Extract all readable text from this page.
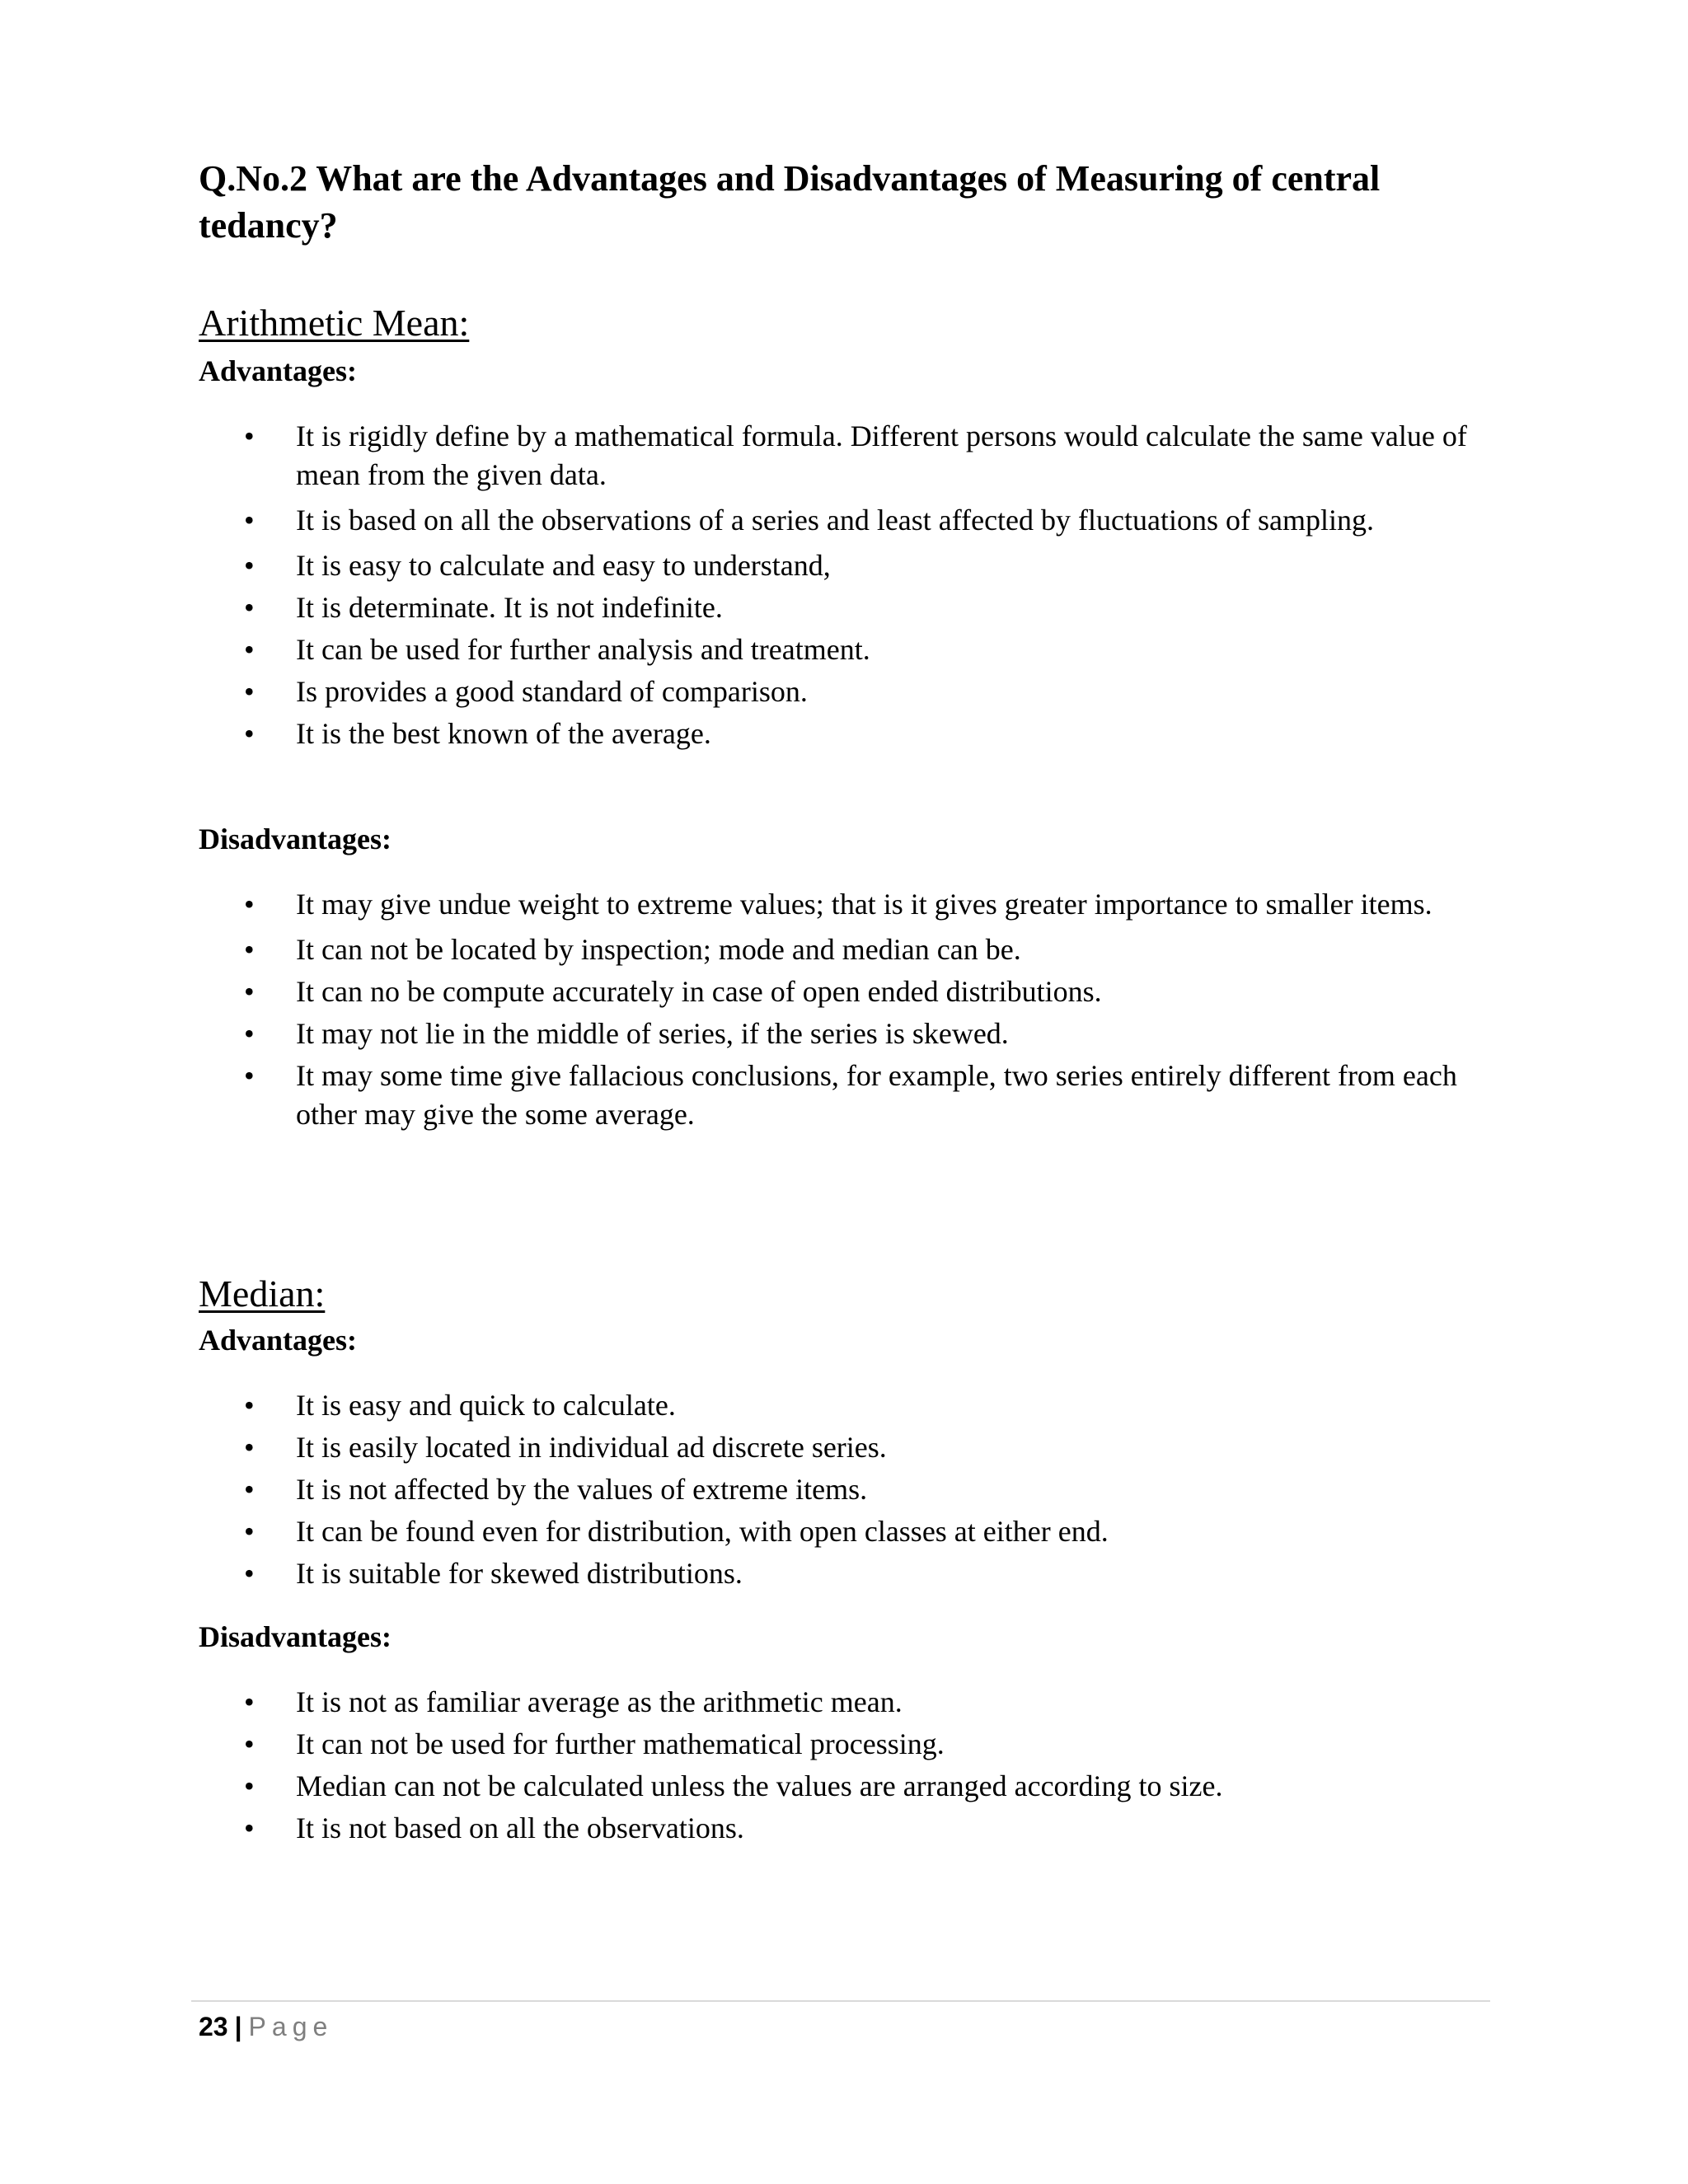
Q.No.2 What are the Advantages and Disadvantages of Measuring of central tedancy?
Arithmetic Mean:
Advantages:
• It is rigidly define by a mathematical formula. Different persons would calculate the same value of mean from the given data.
• It is based on all the observations of a series and least affected by fluctuations of sampling.
• It is easy to calculate and easy to understand,
• It is determinate. It is not indefinite.
• It can be used for further analysis and treatment.
• Is provides a good standard of comparison.
• It is the best known of the average.
Disadvantages:
• It may give undue weight to extreme values; that is it gives greater importance to smaller items.
• It can not be located by inspection; mode and median can be.
• It can no be compute accurately in case of open ended distributions.
• It may not lie in the middle of series, if the series is skewed.
• It may some time give fallacious conclusions, for example, two series entirely different from each other may give the some average.
Median:
Advantages:
• It is easy and quick to calculate.
• It is easily located in individual ad discrete series.
• It is not affected by the values of extreme items.
• It can be found even for distribution, with open classes at either end.
• It is suitable for skewed distributions.
Disadvantages:
• It is not as familiar average as the arithmetic mean.
• It can not be used for further mathematical processing.
• Median can not be calculated unless the values are arranged according to size.
• It is not based on all the observations.
23 | Page
